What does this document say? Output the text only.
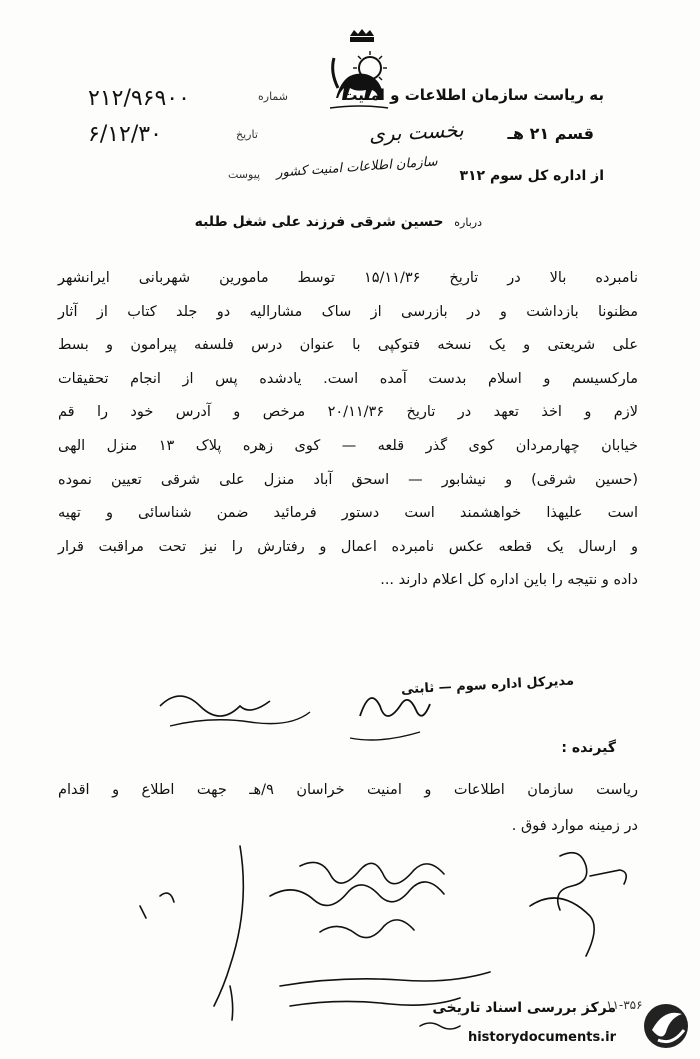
به ریاست سازمان اطلاعات و امنیت
شماره
۲۱۲/۹۶۹۰۰
بخست بری
تاریخ
۶/۱۲/۳۰	قسم ۲۱ هـ
سازمان اطلاعات امنیت کشور
پیوست	از اداره کل سوم ۳۱۲
درباره حسین شرقی فرزند علی شغل طلبه
نامبرده بالا در تاریخ ۱۵/۱۱/۳۶ توسط مامورین شهربانی ایرانشهر
مظنونا بازداشت و در بازرسی از ساک مشارالیه دو جلد کتاب از آثار
علی شریعتی و یک نسخه فتوکپی با عنوان درس فلسفه پیرامون و بسط
مارکسیسم و اسلام بدست آمده است. یادشده پس از انجام تحقیقات
لازم و اخذ تعهد در تاریخ ۲۰/۱۱/۳۶ مرخص و آدرس خود را قم
خیابان چهارمردان کوی گذر قلعه — کوی زهره پلاک ۱۳ منزل الهی
(حسین شرقی) و نیشابور — اسحق آباد منزل علی شرقی تعیین نموده
است علیهذا خواهشمند است دستور فرمائید ضمن شناسائی و تهیه
و ارسال یک قطعه عکس نامبرده اعمال و رفتارش را نیز تحت مراقبت قرار
داده و نتیجه را باین اداره کل اعلام دارند ...
مدیرکل اداره سوم — ثابتی
گیرنده :
ریاست سازمان اطلاعات و امنیت خراسان ۹/هـ جهت اطلاع و اقدام
در زمینه موارد فوق .
۱۱-۳۵۶
مرکز بررسی اسناد تاریخی
historydocuments.ir
